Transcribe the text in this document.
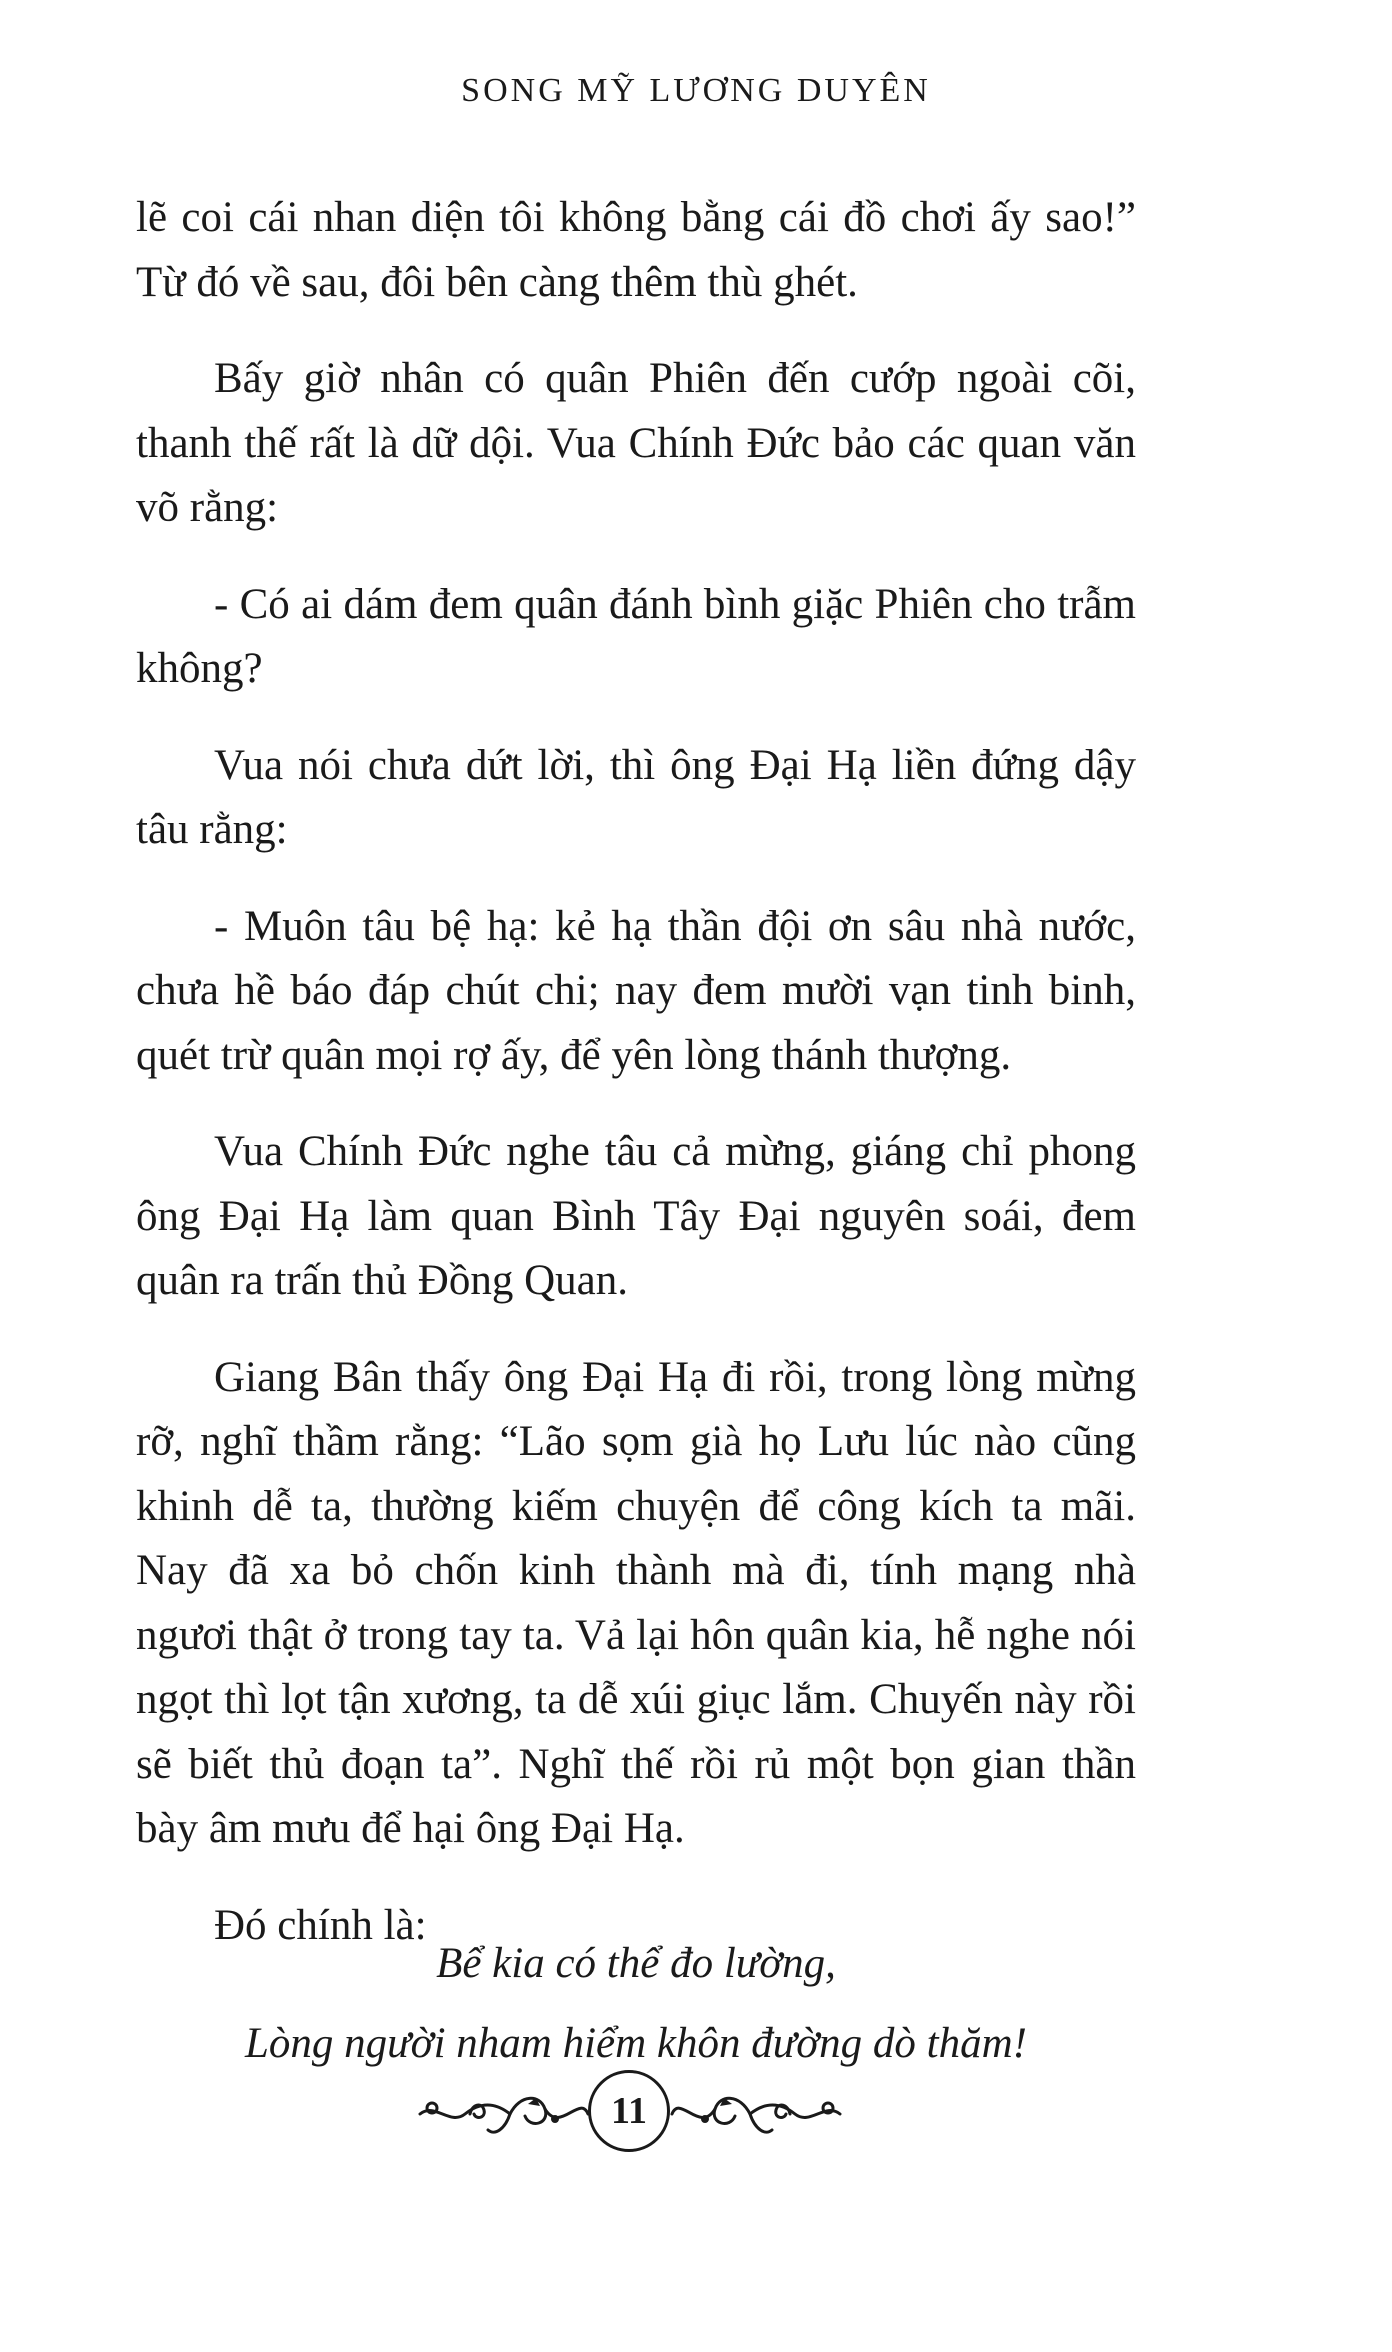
SONG MỸ LƯƠNG DUYÊN

lẽ coi cái nhan diện tôi không bằng cái đồ chơi ấy sao!” Từ đó về sau, đôi bên càng thêm thù ghét.

Bấy giờ nhân có quân Phiên đến cướp ngoài cõi, thanh thế rất là dữ dội. Vua Chính Đức bảo các quan văn võ rằng:

- Có ai dám đem quân đánh bình giặc Phiên cho trẫm không?

Vua nói chưa dứt lời, thì ông Đại Hạ liền đứng dậy tâu rằng:

- Muôn tâu bệ hạ: kẻ hạ thần đội ơn sâu nhà nước, chưa hề báo đáp chút chi; nay đem mười vạn tinh binh, quét trừ quân mọi rợ ấy, để yên lòng thánh thượng.

Vua Chính Đức nghe tâu cả mừng, giáng chỉ phong ông Đại Hạ làm quan Bình Tây Đại nguyên soái, đem quân ra trấn thủ Đồng Quan.

Giang Bân thấy ông Đại Hạ đi rồi, trong lòng mừng rỡ, nghĩ thầm rằng: “Lão sọm già họ Lưu lúc nào cũng khinh dễ ta, thường kiếm chuyện để công kích ta mãi. Nay đã xa bỏ chốn kinh thành mà đi, tính mạng nhà ngươi thật ở trong tay ta. Vả lại hôn quân kia, hễ nghe nói ngọt thì lọt tận xương, ta dễ xúi giục lắm. Chuyến này rồi sẽ biết thủ đoạn ta”. Nghĩ thế rồi rủ một bọn gian thần bày âm mưu để hại ông Đại Hạ.

Đó chính là:

Bể kia có thể đo lường,
Lòng người nham hiểm khôn đường dò thăm!
11
